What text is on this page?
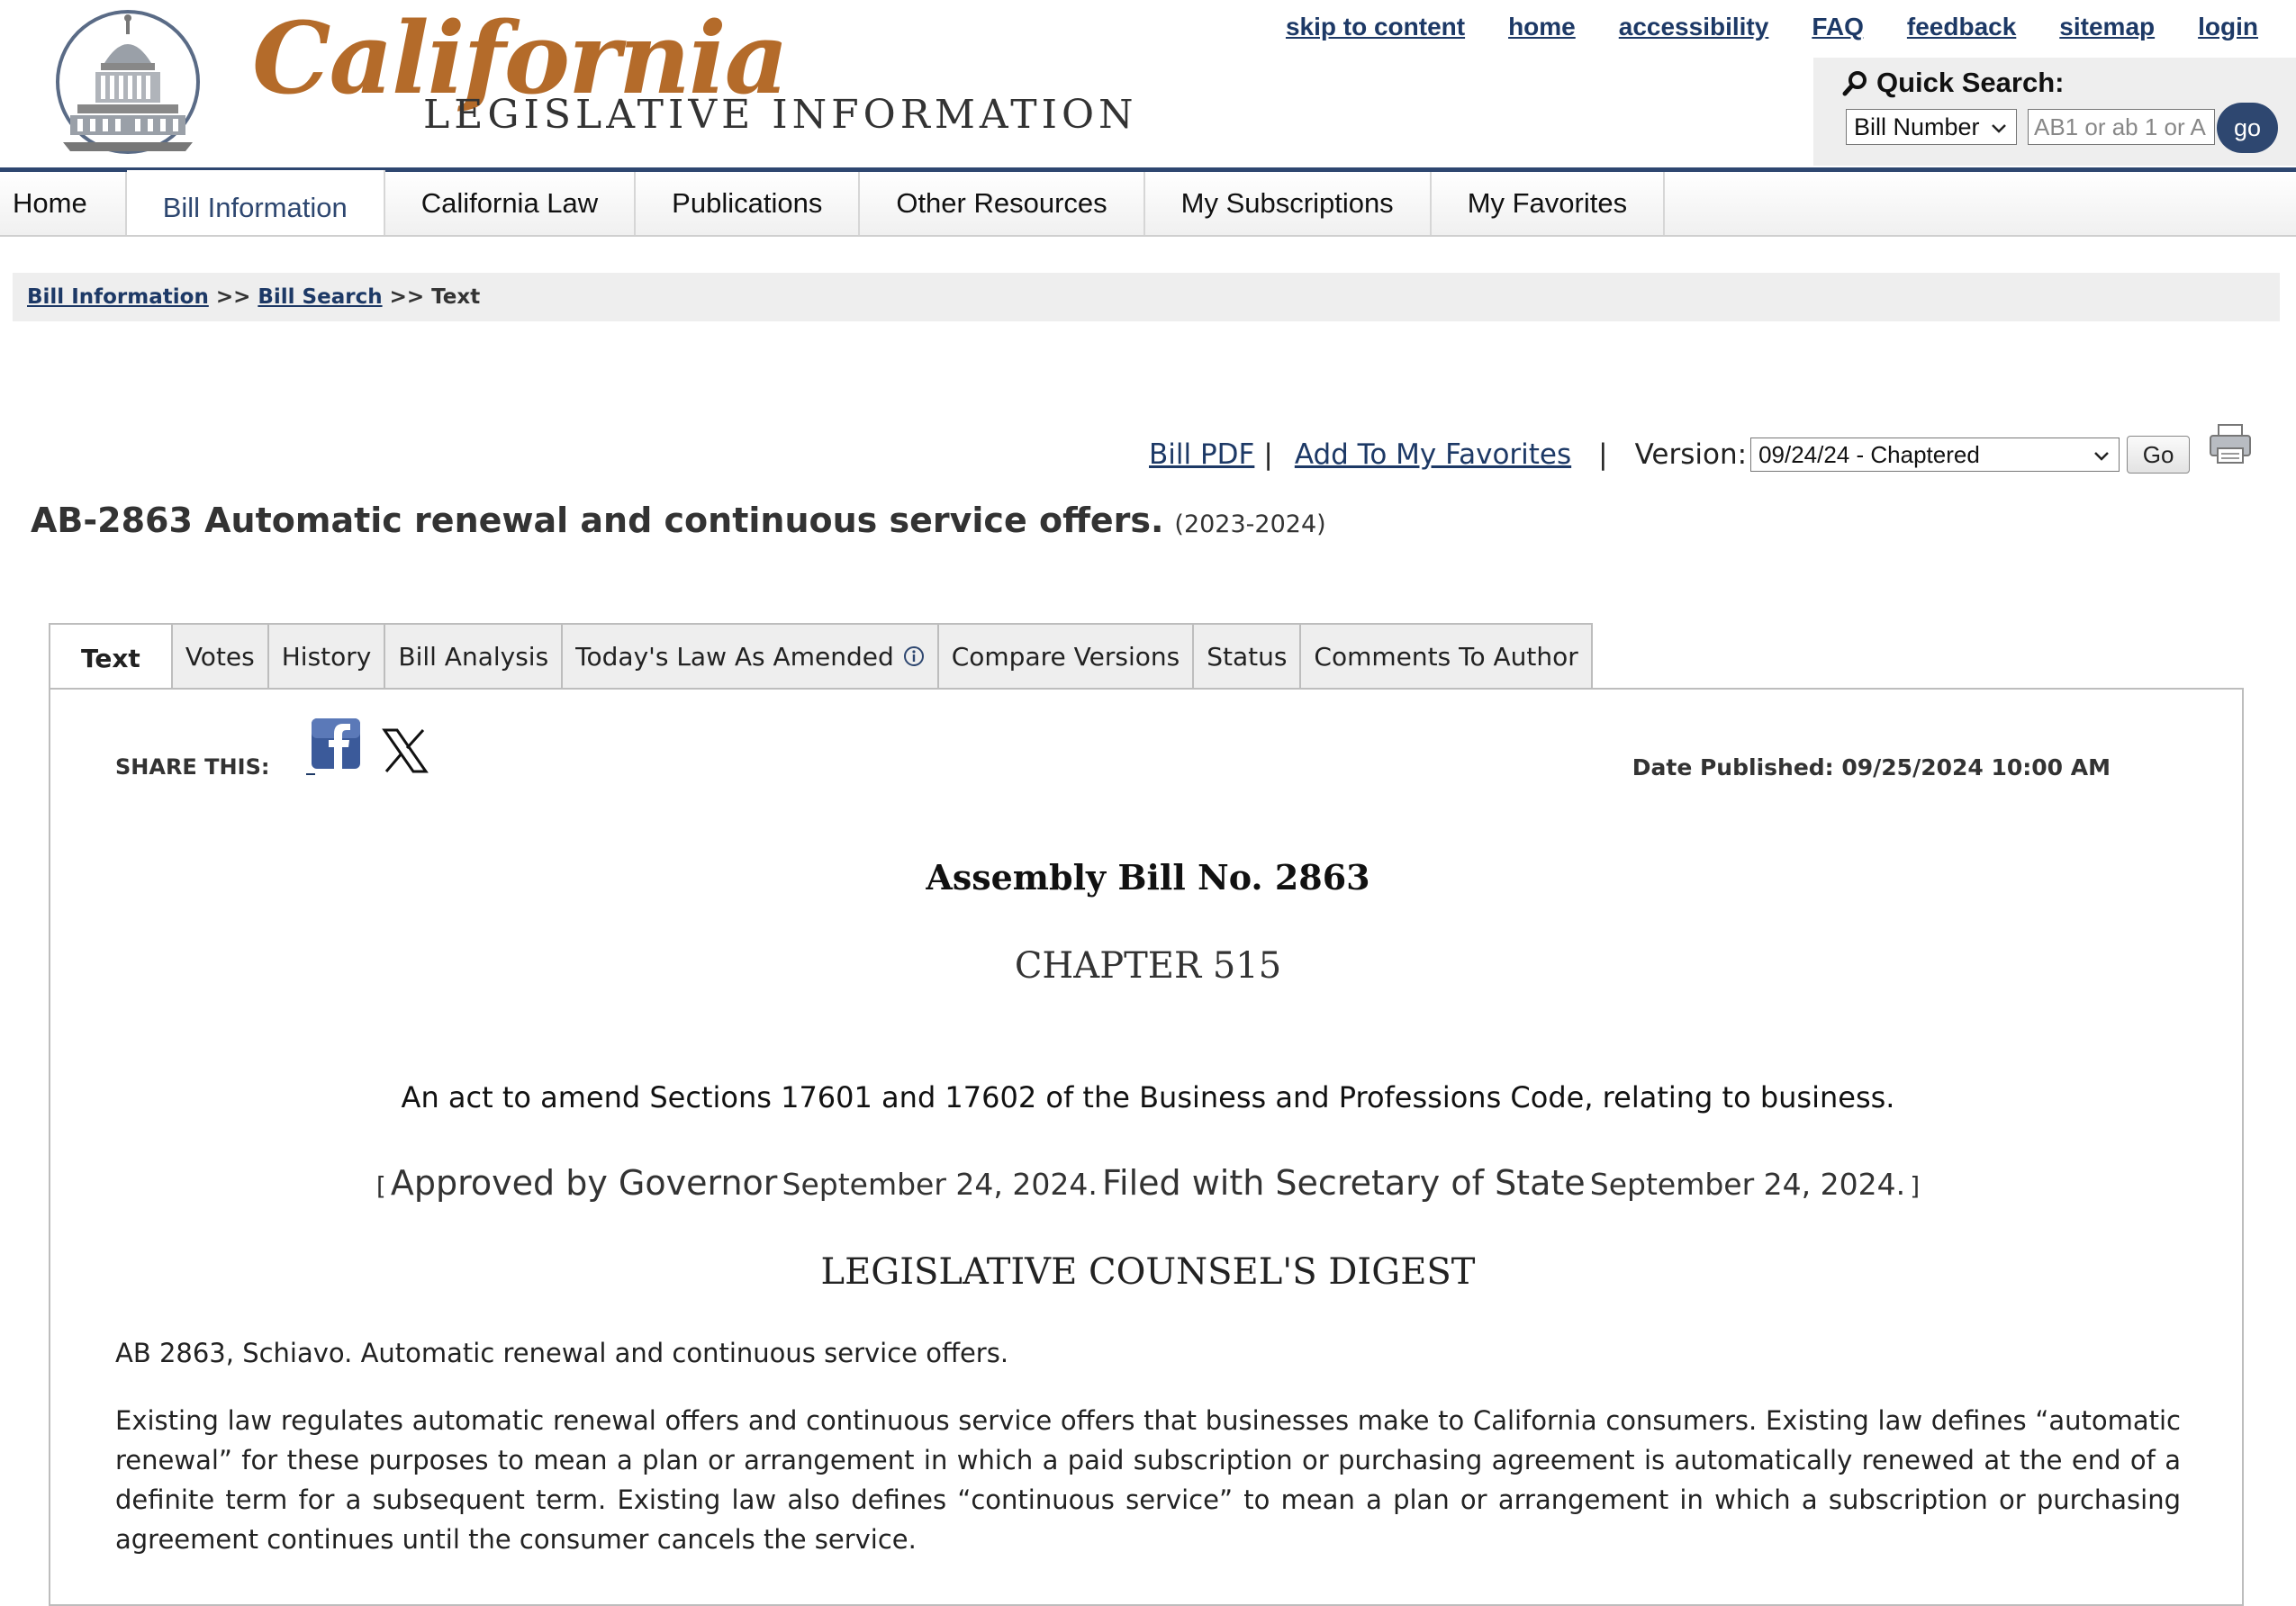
California
LEGISLATIVE INFORMATION
skip to content home accessibility FAQ feedback sitemap login
Quick Search:
Bill Number AB1 or ab 1 or A	go
Home	Bill Information	California Law	Publications	Other Resources	My Subscriptions	My Favorites
Bill Information >> Bill Search >> Text
Bill PDF | Add To My Favorites | Version: 09/24/24 - Chaptered	Go
AB-2863 Automatic renewal and continuous service offers. (2023-2024)
Text	Votes	History	Bill Analysis	Today's Law As Amended	Compare Versions	Status	Comments To Author
SHARE THIS:	Date Published: 09/25/2024 10:00 AM
Assembly Bill No. 2863
CHAPTER 515
An act to amend Sections 17601 and 17602 of the Business and Professions Code, relating to business.
[ Approved by Governor September 24, 2024. Filed with Secretary of State September 24, 2024. ]
LEGISLATIVE COUNSEL'S DIGEST
AB 2863, Schiavo. Automatic renewal and continuous service offers.
Existing law regulates automatic renewal offers and continuous service offers that businesses make to California consumers. Existing law defines “automatic renewal” for these purposes to mean a plan or arrangement in which a paid subscription or purchasing agreement is automatically renewed at the end of a definite term for a subsequent term. Existing law also defines “continuous service” to mean a plan or arrangement in which a subscription or purchasing agreement continues until the consumer cancels the service.
